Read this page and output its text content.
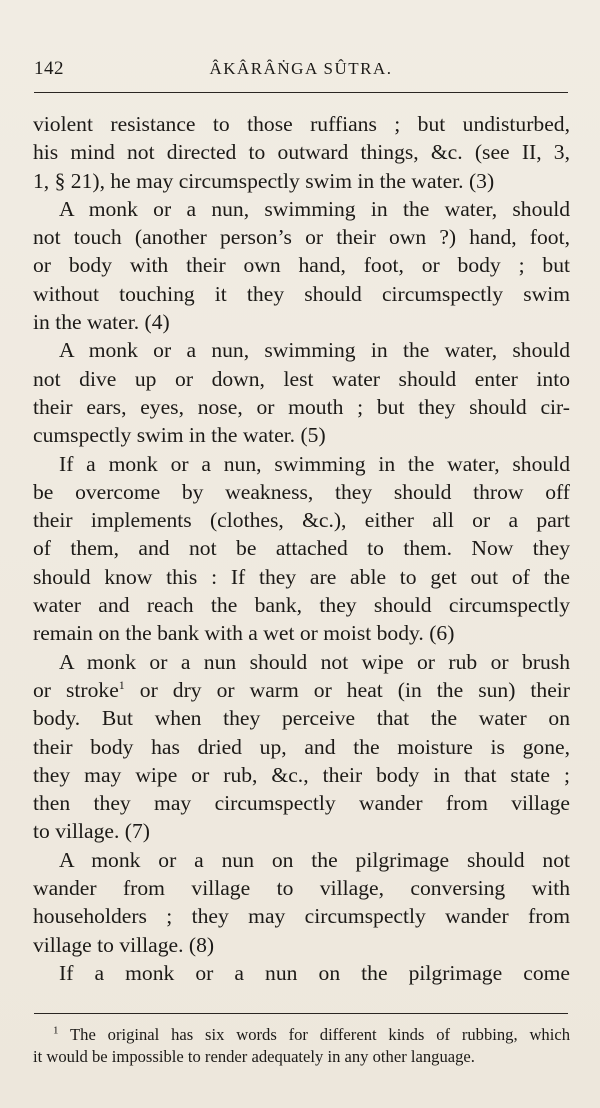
142	ÂKÂRÂṄGA SÛTRA.

violent resistance to those ruffians ; but undisturbed,

his mind not directed to outward things, &c. (see II, 3,

1, § 21), he may circumspectly swim in the water. (3)

A monk or a nun, swimming in the water, should

not touch (another person’s or their own ?) hand, foot,

or body with their own hand, foot, or body ; but

without touching it they should circumspectly swim

in the water. (4)

A monk or a nun, swimming in the water, should

not dive up or down, lest water should enter into

their ears, eyes, nose, or mouth ; but they should cir-

cumspectly swim in the water. (5)

If a monk or a nun, swimming in the water, should

be overcome by weakness, they should throw off

their implements (clothes, &c.), either all or a part

of them, and not be attached to them. Now they

should know this : If they are able to get out of the

water and reach the bank, they should circumspectly

remain on the bank with a wet or moist body. (6)

A monk or a nun should not wipe or rub or brush

or stroke$^1$ or dry or warm or heat (in the sun) their

body. But when they perceive that the water on

their body has dried up, and the moisture is gone,

they may wipe or rub, &c., their body in that state ;

then they may circumspectly wander from village

to village. (7)

A monk or a nun on the pilgrimage should not

wander from village to village, conversing with

householders ; they may circumspectly wander from

village to village. (8)

If a monk or a nun on the pilgrimage come

$^1$ The original has six words for different kinds of rubbing, which

it would be impossible to render adequately in any other language.
